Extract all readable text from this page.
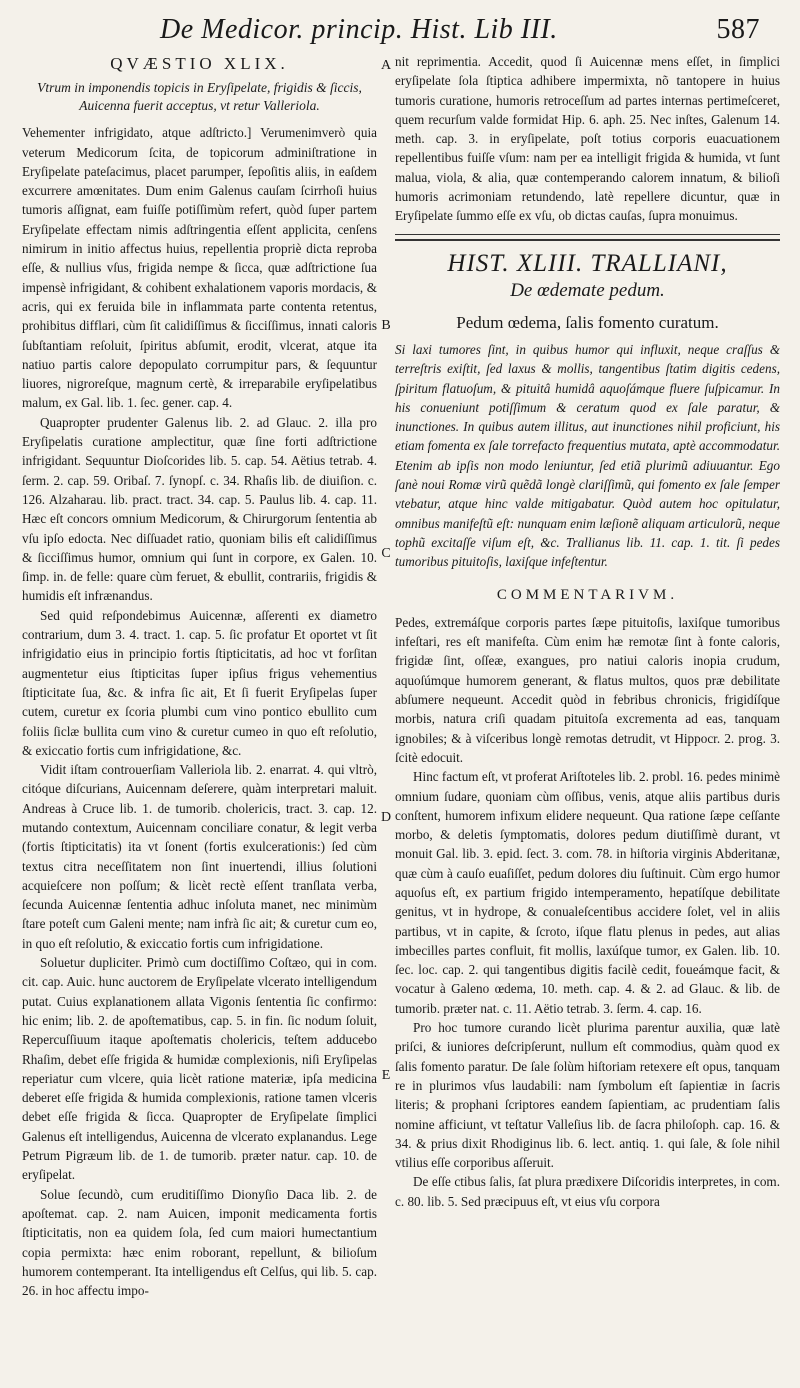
De Medicor. princip. Hist. Lib III.	587
A
B
C
D
E
QVÆSTIO XLIX.
Vtrum in imponendis topicis in Eryſipelate, frigidis & ſiccis, Auicenna fuerit acceptus, vt retur Valleriola.

Vehementer infrigidato, atque adſtricto.] Verumenimverò quia veterum Medicorum ſcita, de topicorum adminiſtratione in Eryſipelate pateſacimus, placet parumper, ſepoſitis aliis, in eaſdem excurrere amœnitates. Dum enim Galenus cauſam ſcirrhoſi huius tumoris aſſignat, eam fuiſſe potiſſimùm refert, quòd ſuper partem Eryſipelate effectam nimis adſtringentia eſſent applicita, cenſens nimirum in initio affectus huius, repellentia propriè dicta reproba eſſe, & nullius vſus, frigida nempe & ſicca, quæ adſtrictione ſua impensè infrigidant, & cohibent exhalationem vaporis mordacis, & acris, qui ex feruida bile in inflammata parte contenta retentus, prohibitus difflari, cùm ſit calidiſſimus & ſicciſſimus, innati caloris ſubſtantiam reſoluit, ſpiritus abſumit, erodit, vlcerat, atque ita natiuo partis calore depopulato corrumpitur pars, & ſequuntur liuores, nigroreſque, magnum certè, & irreparabile eryſipelatibus malum, ex Gal. lib. 1. ſec. gener. cap. 4.

Quapropter prudenter Galenus lib. 2. ad Glauc. 2. illa pro Eryſipelatis curatione amplectitur, quæ ſine forti adſtrictione infrigidant. Sequuntur Dioſcorides lib. 5. cap. 54. Aëtius tetrab. 4. ſerm. 2. cap. 59. Oribaſ. 7. ſynopſ. c. 34. Rhaſis lib. de diuiſion. c. 126. Alzaharau. lib. pract. tract. 34. cap. 5. Paulus lib. 4. cap. 11. Hæc eſt concors omnium Medicorum, & Chirurgorum ſententia ab vſu ipſo edocta. Nec diſſuadet ratio, quoniam bilis eſt calidiſſimus & ſicciſſimus humor, omnium qui ſunt in corpore, ex Galen. 10. ſimp. in. de felle: quare cùm feruet, & ebullit, contrariis, frigidis & humidis eſt infrænandus.

Sed quid reſpondebimus Auicennæ, aſſerenti ex diametro contrarium, dum 3. 4. tract. 1. cap. 5. ſic profatur Et oportet vt ſit infrigidatio eius in principio fortis ſtipticitatis, ad hoc vt forſitan augmentetur eius ſtipticitas ſuper ipſius frigus vehementius ſtipticitate ſua, &c. & infra ſic ait, Et ſi fuerit Eryſipelas ſuper cutem, curetur ex ſcoria plumbi cum vino pontico ebullito cum foliis ſiclæ bullita cum vino & curetur cumeo in quo eſt reſolutio, & exiccatio fortis cum infrigidatione, &c.

Vidit iſtam controuerſiam Valleriola lib. 2. enarrat. 4. qui vltrò, citóque diſcurians, Auicennam deſerere, quàm interpretari maluit. Andreas à Cruce lib. 1. de tumorib. cholericis, tract. 3. cap. 12. mutando contextum, Auicennam conciliare conatur, & legit verba (fortis ſtipticitatis) ita vt ſonent (fortis exulcerationis:) ſed cùm textus citra neceſſitatem non ſint inuertendi, illius ſolutioni acquieſcere non poſſum; & licèt rectè eſſent tranſlata verba, ſecunda Auicennæ ſententia adhuc inſoluta manet, nec minimùm ſtare poteſt cum Galeni mente; nam infrà ſic ait; & curetur cum eo, in quo eſt reſolutio, & exiccatio fortis cum infrigidatione.

Soluetur dupliciter. Primò cum doctiſſimo Coſtæo, qui in com. cit. cap. Auic. hunc auctorem de Eryſipelate vlcerato intelligendum putat. Cuius explanationem allata Vigonis ſententia ſic confirmo: hic enim; lib. 2. de apoſtematibus, cap. 5. in fin. ſic nodum ſoluit, Repercuſſiuum itaque apoſtematis cholericis, teſtem adducebo Rhaſim, debet eſſe frigida & humidæ complexionis, niſi Eryſipelas reperiatur cum vlcere, quia licèt ratione materiæ, ipſa medicina deberet eſſe frigida & humida complexionis, ratione tamen vlceris debet eſſe frigida & ſicca. Quapropter de Eryſipelate ſimplici Galenus eſt intelligendus, Auicenna de vlcerato explanandus. Lege Petrum Pigræum lib. de 1. de tumorib. præter natur. cap. 10. de eryſipelat.

Solue ſecundò, cum eruditiſſimo Dionyſio Daca lib. 2. de apoſtemat. cap. 2. nam Auicen, imponit medicamenta fortis ſtipticitatis, non ea quidem ſola, ſed cum maiori humectantium copia permixta: hæc enim roborant, repellunt, & bilioſum humorem contemperant. Ita intelligendus eſt Celſus, qui lib. 5. cap. 26. in hoc affectu impo-

nit reprimentia. Accedit, quod ſi Auicennæ mens eſſet, in ſimplici eryſipelate ſola ſtiptica adhibere impermixta, nõ tantopere in huius tumoris curatione, humoris retroceſſum ad partes internas pertimeſceret, quem recurſum valde formidat Hip. 6. aph. 25. Nec inſtes, Galenum 14. meth. cap. 3. in eryſipelate, poſt totius corporis euacuationem repellentibus fuiſſe vſum: nam per ea intelligit frigida & humida, vt ſunt malua, viola, & alia, quæ contemperando calorem innatum, & bilioſi humoris acrimoniam retundendo, latè repellere dicuntur, quæ in Eryſipelate ſummo eſſe ex vſu, ob dictas cauſas, ſupra monuimus.

HIST. XLIII. TRALLIANI,
De œdemate pedum.
Pedum œdema, ſalis fomento curatum.

Si laxi tumores ſint, in quibus humor qui influxit, neque craſſus & terreſtris exiſtit, ſed laxus & mollis, tangentibus ſtatim digitis cedens, ſpiritum flatuoſum, & pituitâ humidâ aquoſámque fluere ſuſpicamur. In his conueniunt potiſſimum & ceratum quod ex ſale paratur, & inunctiones. In quibus autem illitus, aut inunctiones nihil proficiunt, his etiam fomenta ex ſale torrefacto frequentius mutata, aptè accommodatur. Etenim ab ipſis non modo leniuntur, ſed etiã plurimũ adiuuantur. Ego ſanè noui Romæ virũ quẽdã longè clariſſimũ, qui fomento ex ſale ſemper vtebatur, atque hinc valde mitigabatur. Quòd autem hoc opitulatur, omnibus manifeſtũ eſt: nunquam enim læſionẽ aliquam articulorũ, neque tophũ excitaſſe viſum eſt, &c. Trallianus lib. 11. cap. 1. tit. ſi pedes tumoribus pituitoſis, laxiſque infeſtentur.

COMMENTARIVM.

Pedes, extremáſque corporis partes ſæpe pituitoſis, laxiſque tumoribus infeſtari, res eſt manifeſta. Cùm enim hæ remotæ ſint à fonte caloris, frigidæ ſint, oſſeæ, exangues, pro natiui caloris inopia crudum, aquoſúmque humorem generant, & flatus multos, quos præ debilitate abſumere nequeunt. Accedit quòd in febribus chronicis, frigidíſque morbis, natura criſi quadam pituitoſa excrementa ad eas, tanquam ignobiles; & à viſceribus longè remotas detrudit, vt Hippocr. 2. prog. 3. ſcitè edocuit.

Hinc factum eſt, vt proferat Ariſtoteles lib. 2. probl. 16. pedes minimè omnium ſudare, quoniam cùm oſſibus, venis, atque aliis partibus duris conſtent, humorem infixum elidere nequeunt. Qua ratione ſæpe ceſſante morbo, & deletis ſymptomatis, dolores pedum diutiſſimè durant, vt monuit Gal. lib. 3. epid. ſect. 3. com. 78. in hiſtoria virginis Abderitanæ, quæ cùm à cauſo euaſiſſet, pedum dolores diu ſuſtinuit. Cùm ergo humor aquoſus eſt, ex partium frigido intemperamento, hepatíſque debilitate genitus, vt in hydrope, & conualeſcentibus accidere ſolet, vel in aliis partibus, vt in capite, & ſcroto, iſque flatu plenus in pedes, aut alias imbecilles partes confluit, fit mollis, laxúſque tumor, ex Galen. lib. 10. ſec. loc. cap. 2. qui tangentibus digitis facilè cedit, foueámque facit, & vocatur à Galeno œdema, 10. meth. cap. 4. & 2. ad Glauc. & lib. de tumorib. præter nat. c. 11. Aëtio tetrab. 3. ſerm. 4. cap. 16.

Pro hoc tumore curando licèt plurima parentur auxilia, quæ latè priſci, & iuniores deſcripſerunt, nullum eſt commodius, quàm quod ex ſalis fomento paratur. De ſale ſolùm hiſtoriam retexere eſt opus, tanquam re in plurimos vſus laudabili: nam ſymbolum eſt ſapientiæ in ſacris literis; & prophani ſcriptores eandem ſapientiam, ac prudentiam ſalis nomine afficiunt, vt teſtatur Valleſius lib. de ſacra philoſoph. cap. 16. & 34. & prius dixit Rhodiginus lib. 6. lect. antiq. 1. qui ſale, & ſole nihil vtilius eſſe corporibus aſſeruit.

De eſſe ctibus ſalis, ſat plura prædixere Diſcoridis interpretes, in com. c. 80. lib. 5. Sed præcipuus eſt, vt eius vſu corpora
